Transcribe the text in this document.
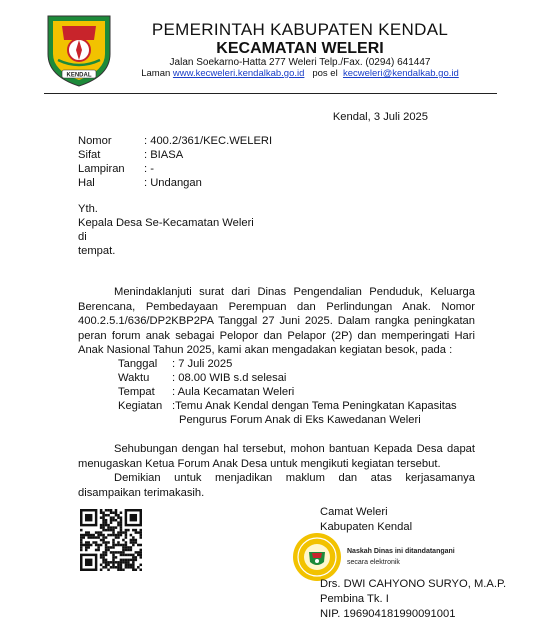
KENDAL
PEMERINTAH KABUPATEN KENDAL
KECAMATAN WELERI
Jalan Soekarno-Hatta 277 Weleri Telp./Fax. (0294) 641447
Laman www.kecweleri.kendalkab.go.id pos el kecweleri@kendalkab.go.id
Kendal, 3 Juli 2025
Nomor	: 400.2/361/KEC.WELERI
Sifat	: BIASA
Lampiran : -
Hal	: Undangan
Yth.
Kepala Desa Se-Kecamatan Weleri
di
tempat.
Menindaklanjuti surat dari Dinas Pengendalian Penduduk, Keluarga Berencana, Pembedayaan Perempuan dan Perlindungan Anak. Nomor 400.2.5.1/636/DP2KBP2PA Tanggal 27 Juni 2025. Dalam rangka peningkatan peran forum anak sebagai Pelopor dan Pelapor (2P) dan memperingati Hari Anak Nasional Tahun 2025, kami akan mengadakan kegiatan besok, pada :
Tanggal : 7 Juli 2025
Waktu : 08.00 WIB s.d selesai
Tempat : Aula Kecamatan Weleri
Kegiatan :Temu Anak Kendal dengan Tema Peningkatan Kapasitas
Pengurus Forum Anak di Eks Kawedanan Weleri
Sehubungan dengan hal tersebut, mohon bantuan Kepada Desa dapat menugaskan Ketua Forum Anak Desa untuk mengikuti kegiatan tersebut.
Demikian untuk menjadikan maklum dan atas kerjasamanya disampaikan terimakasih.
Camat Weleri
Kabupaten Kendal
Naskah Dinas ini ditandatangani
secara elektronik
Drs. DWI CAHYONO SURYO, M.A.P.
Pembina Tk. I
NIP. 196904181990091001
